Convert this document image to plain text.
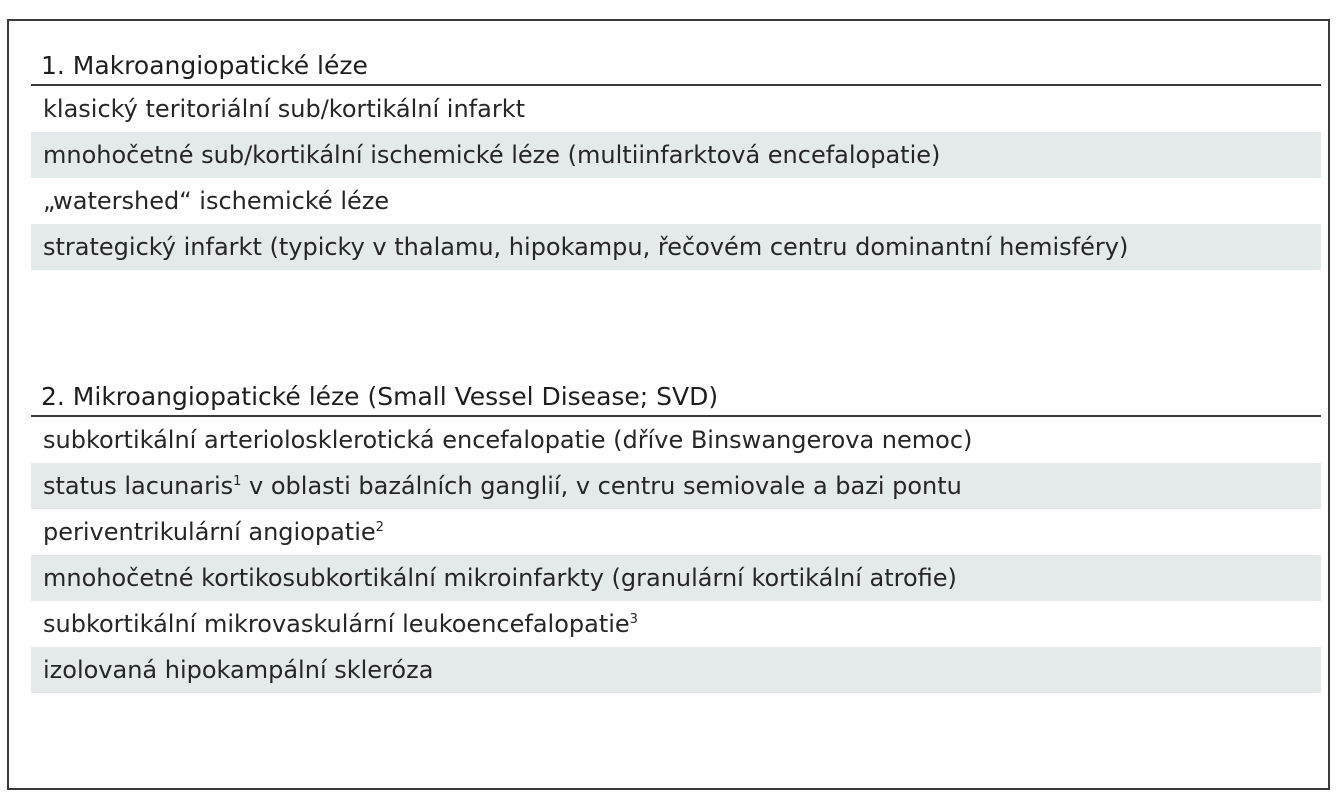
1. Makroangiopatické léze
klasický teritoriální sub/kortikální infarkt
mnohočetné sub/kortikální ischemické léze (multiinfarktová encefalopatie)
„watershed“ ischemické léze
strategický infarkt (typicky v thalamu, hipokampu, řečovém centru dominantní hemisféry)
2. Mikroangiopatické léze (Small Vessel Disease; SVD)
subkortikální arteriolosklerotická encefalopatie (dříve Binswangerova nemoc)
status lacunaris$^1$ v oblasti bazálních ganglií, v centru semiovale a bazi pontu
periventrikulární angiopatie$^2$
mnohočetné kortikosubkortikální mikroinfarkty (granulární kortikální atrofie)
subkortikální mikrovaskulární leukoencefalopatie$^3$
izolovaná hipokampální skleróza
